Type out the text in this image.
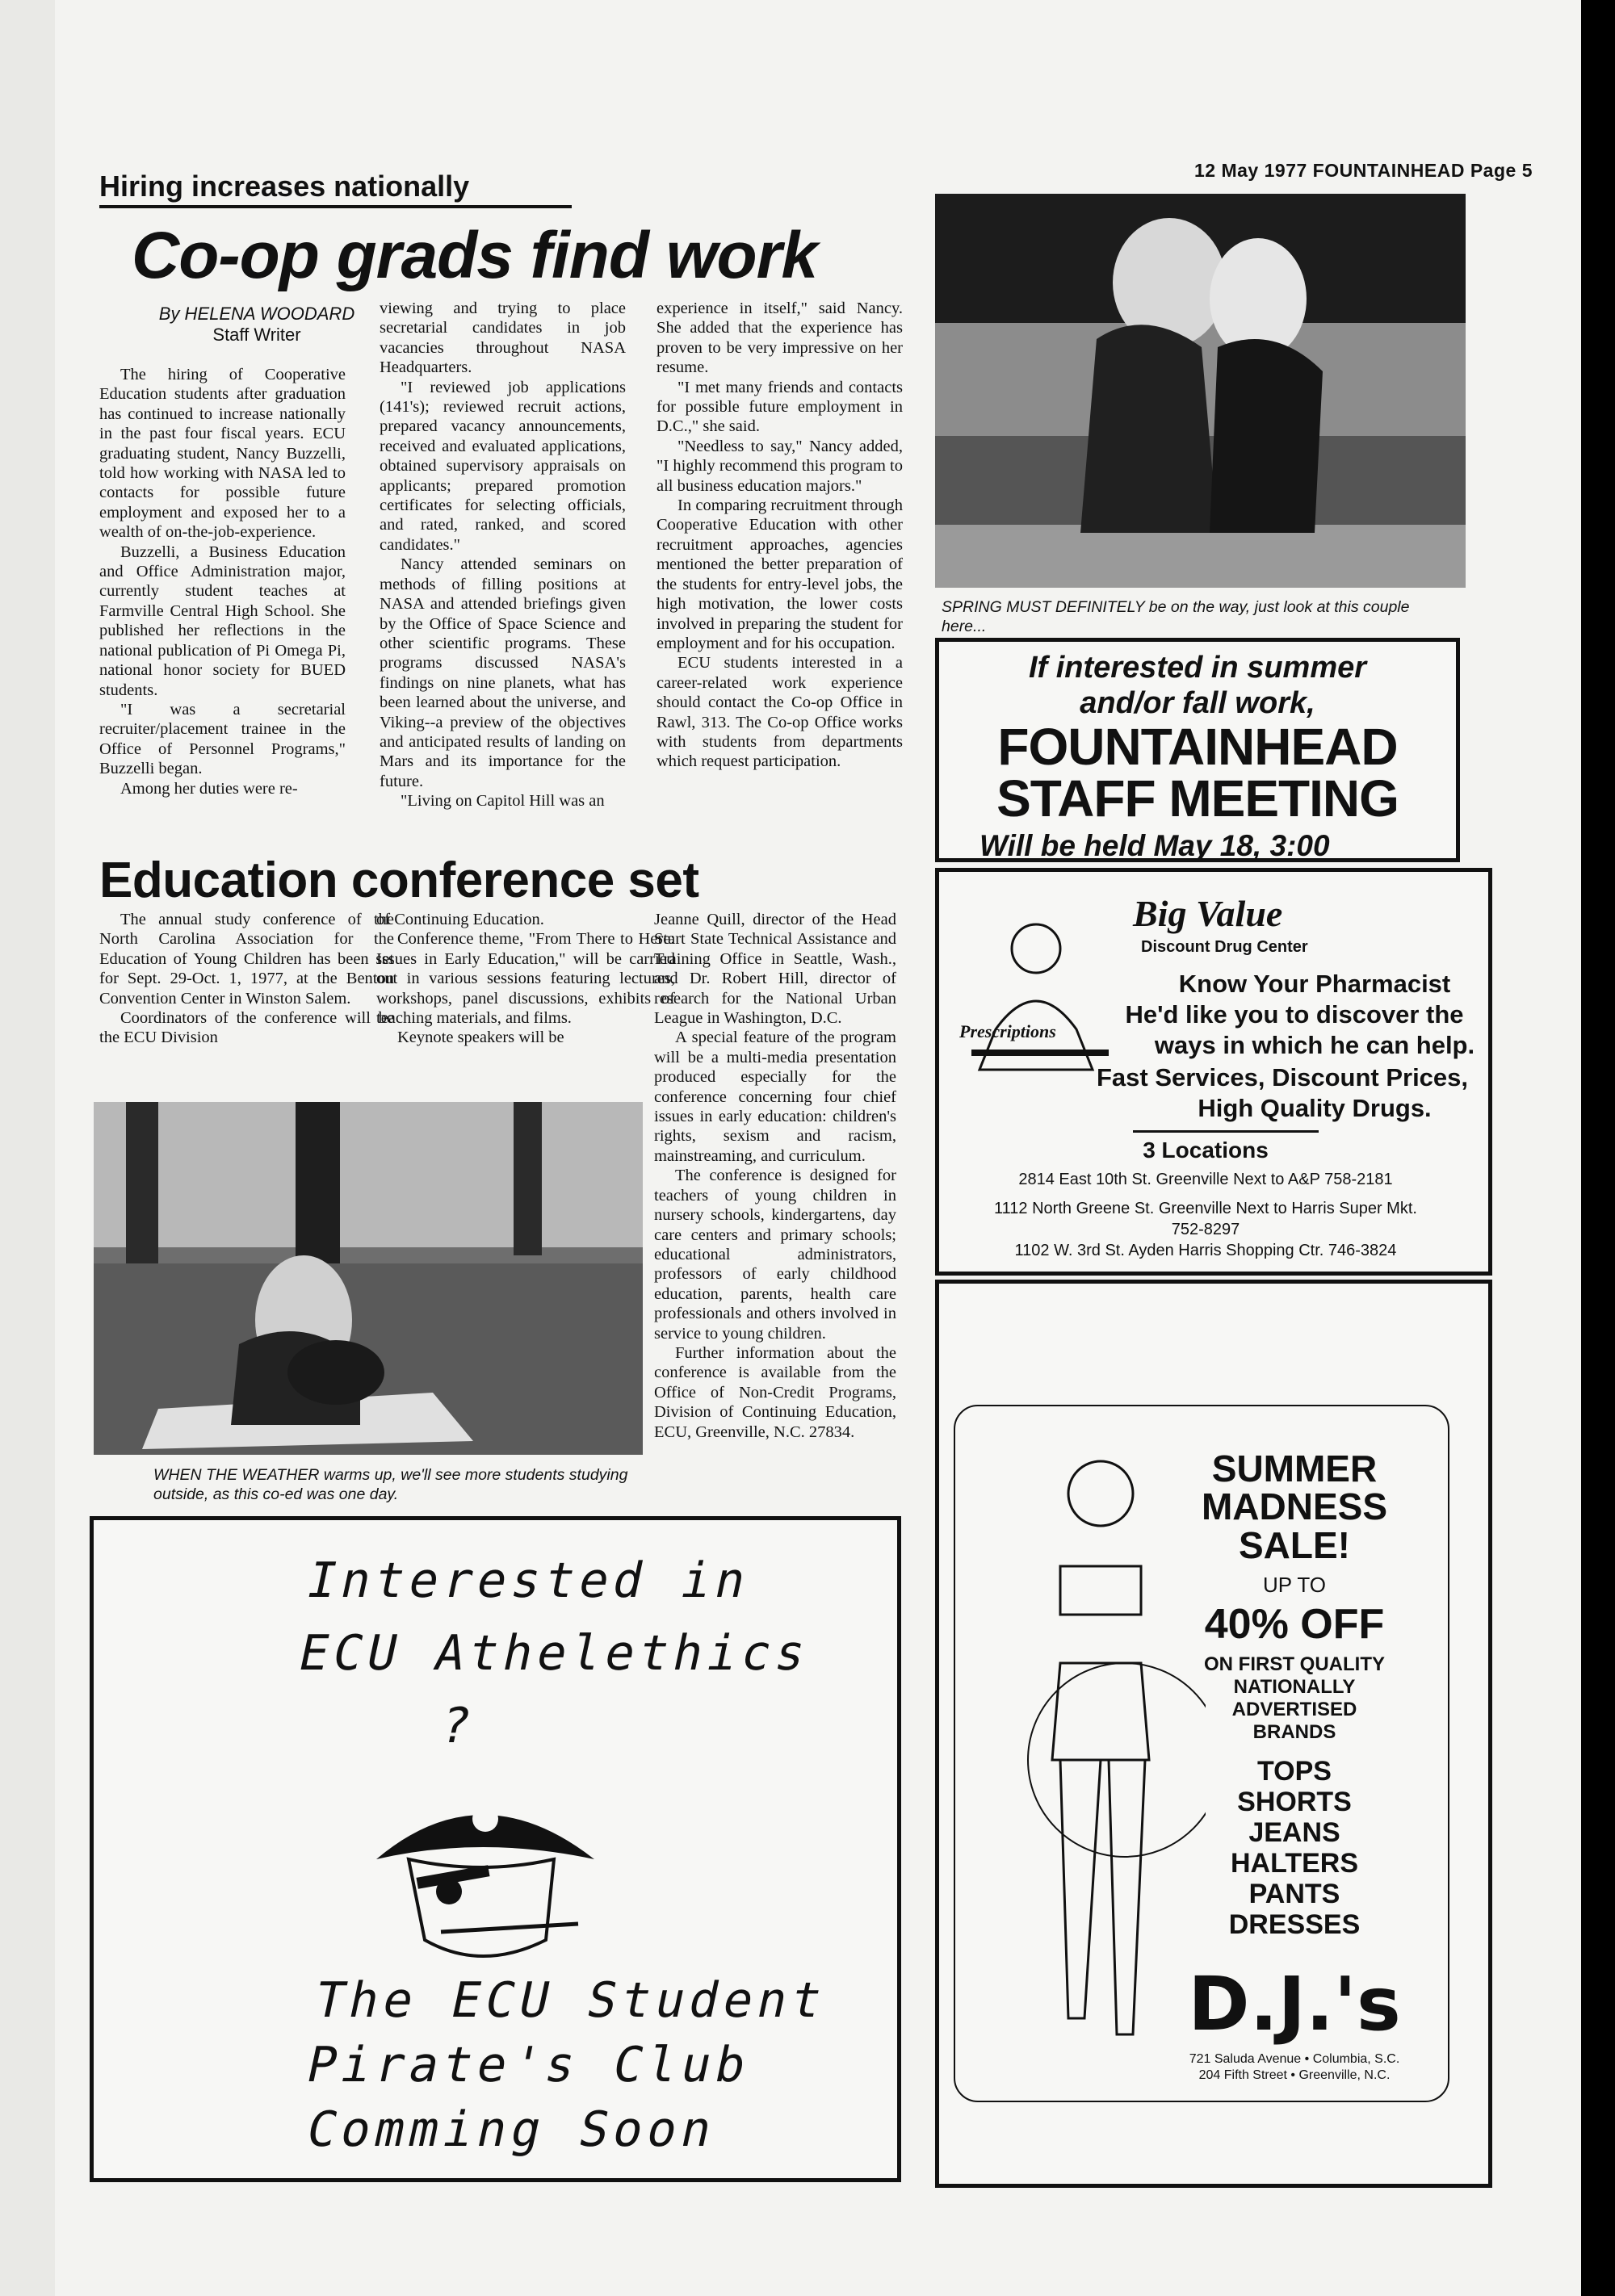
12 May 1977 FOUNTAINHEAD Page 5
Hiring increases nationally
Co-op grads find work
By HELENA WOODARD
Staff Writer

The hiring of Cooperative Education students after graduation has continued to increase nationally in the past four fiscal years. ECU graduating student, Nancy Buzzelli, told how working with NASA led to contacts for possible future employment and exposed her to a wealth of on-the-job-experience.

Buzzelli, a Business Education and Office Administration major, currently student teaches at Farmville Central High School. She published her reflections in the national publication of Pi Omega Pi, national honor society for BUED students.

"I was a secretarial recruiter/placement trainee in the Office of Personnel Programs," Buzzelli began.

Among her duties were re-

viewing and trying to place secretarial candidates in job vacancies throughout NASA Headquarters.

"I reviewed job applications (141's); reviewed recruit actions, prepared vacancy announcements, received and evaluated applications, obtained supervisory appraisals on applicants; prepared promotion certificates for selecting officials, and rated, ranked, and scored candidates."

Nancy attended seminars on methods of filling positions at NASA and attended briefings given by the Office of Space Science and other scientific programs. These programs discussed NASA's findings on nine planets, what has been learned about the universe, and Viking--a preview of the objectives and anticipated results of landing on Mars and its importance for the future.

"Living on Capitol Hill was an

experience in itself," said Nancy. She added that the experience has proven to be very impressive on her resume.

"I met many friends and contacts for possible future employment in D.C.," she said.

"Needless to say," Nancy added, "I highly recommend this program to all business education majors."

In comparing recruitment through Cooperative Education with other recruitment approaches, agencies mentioned the better preparation of the students for entry-level jobs, the high motivation, the lower costs involved in preparing the student for employment and for his occupation.

ECU students interested in a career-related work experience should contact the Co-op Office in Rawl, 313. The Co-op Office works with students from departments which request participation.

SPRING MUST DEFINITELY be on the way, just look at this couple here...
If interested in summer
and/or fall work,
FOUNTAINHEAD
STAFF MEETING
Will be held May 18, 3:00
Education conference set

The annual study conference of the North Carolina Association for the Education of Young Children has been set for Sept. 29-Oct. 1, 1977, at the Benton Convention Center in Winston Salem.

Coordinators of the conference will be the ECU Division

of Continuing Education.

Conference theme, "From There to Here: Issues in Early Education," will be carried out in various sessions featuring lectures, workshops, panel discussions, exhibits of teaching materials, and films.

Keynote speakers will be

Jeanne Quill, director of the Head Start State Technical Assistance and Training Office in Seattle, Wash., and Dr. Robert Hill, director of research for the National Urban League in Washington, D.C.

A special feature of the program will be a multi-media presentation produced especially for the conference concerning four chief issues in early education: children's rights, sexism and racism, mainstreaming, and curriculum.

The conference is designed for teachers of young children in nursery schools, kindergartens, day care centers and primary schools; educational administrators, professors of early childhood education, parents, health care professionals and others involved in service to young children.

Further information about the conference is available from the Office of Non-Credit Programs, Division of Continuing Education, ECU, Greenville, N.C. 27834.

WHEN THE WEATHER warms up, we'll see more students studying outside, as this co-ed was one day.
Big Value
Discount Drug Center
Prescriptions
Know Your Pharmacist
He'd like you to discover the
ways in which he can help.
Fast Services, Discount Prices,
High Quality Drugs.
3 Locations
2814 East 10th St. Greenville Next to A&P 758-2181
1112 North Greene St. Greenville Next to Harris Super Mkt.
752-8297
1102 W. 3rd St. Ayden Harris Shopping Ctr. 746-3824
Interested in
ECU Athelethics
?
The ECU Student
Pirate's Club
Comming Soon
SUMMER
MADNESS
SALE!
UP TO
40% OFF
ON FIRST QUALITY
NATIONALLY
ADVERTISED
BRANDS
TOPS
SHORTS
JEANS
HALTERS
PANTS
DRESSES
D.J.'s
721 Saluda Avenue • Columbia, S.C.
204 Fifth Street • Greenville, N.C.
